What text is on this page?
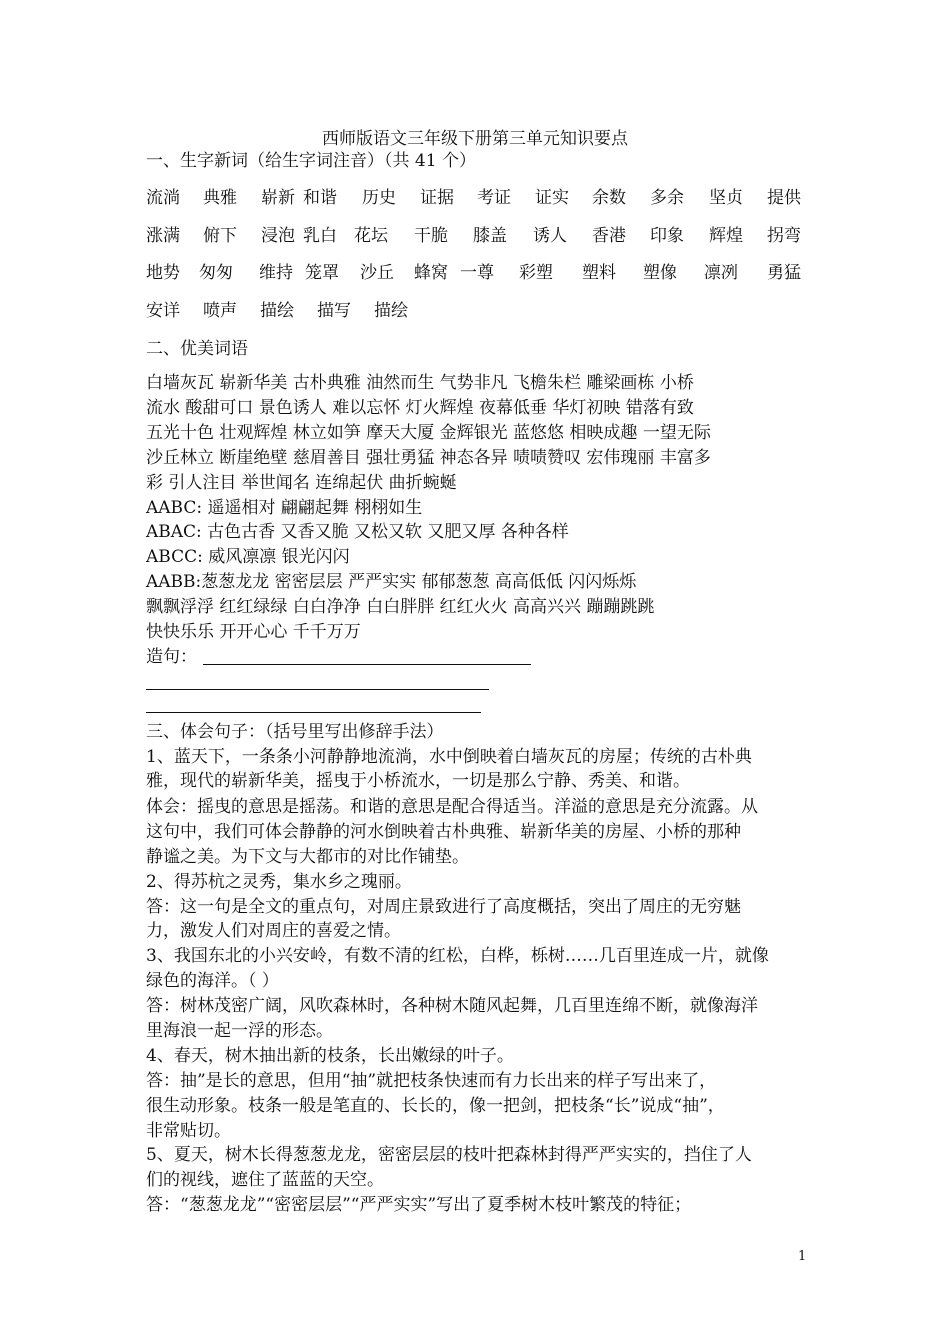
西师版语文三年级下册第三单元知识要点
一、生字新词（给生字词注音）（共 41 个）
流淌 典雅 崭新 和谐 历史 证据 考证 证实 余数 多余 坚贞 提供
涨满 俯下 浸泡 乳白 花坛 干脆 膝盖 诱人 香港 印象 辉煌 拐弯
地势 匆匆 维持 笼罩 沙丘 蜂窝 一尊 彩塑 塑料 塑像 凛冽 勇猛
安详 喷声 描绘 描写 描绘
二、优美词语
白墙灰瓦 崭新华美 古朴典雅 油然而生 气势非凡 飞檐朱栏 雕梁画栋 小桥
流水 酸甜可口 景色诱人 难以忘怀 灯火辉煌 夜幕低垂 华灯初映 错落有致
五光十色 壮观辉煌 林立如笋 摩天大厦 金辉银光 蓝悠悠 相映成趣 一望无际
沙丘林立 断崖绝壁 慈眉善目 强壮勇猛 神态各异 啧啧赞叹 宏伟瑰丽 丰富多
彩 引人注目 举世闻名 连绵起伏 曲折蜿蜒
AABC: 遥遥相对 翩翩起舞 栩栩如生
ABAC: 古色古香 又香又脆 又松又软 又肥又厚 各种各样
ABCC: 威风凛凛 银光闪闪
AABB:葱葱龙龙 密密层层 严严实实 郁郁葱葱 高高低低 闪闪烁烁
飘飘浮浮 红红绿绿 白白净净 白白胖胖 红红火火 高高兴兴 蹦蹦跳跳
快快乐乐 开开心心 千千万万
造句：
三、体会句子：（括号里写出修辞手法）
1、蓝天下，一条条小河静静地流淌，水中倒映着白墙灰瓦的房屋；传统的古朴典
雅，现代的崭新华美，摇曳于小桥流水，一切是那么宁静、秀美、和谐。
体会：摇曳的意思是摇荡。和谐的意思是配合得适当。洋溢的意思是充分流露。从
这句中，我们可体会静静的河水倒映着古朴典雅、崭新华美的房屋、小桥的那种
静谧之美。为下文与大都市的对比作铺垫。
2、得苏杭之灵秀，集水乡之瑰丽。
答：这一句是全文的重点句，对周庄景致进行了高度概括，突出了周庄的无穷魅
力，激发人们对周庄的喜爱之情。
3、我国东北的小兴安岭，有数不清的红松，白桦，栎树……几百里连成一片，就像
绿色的海洋。（ ）
答：树林茂密广阔，风吹森林时，各种树木随风起舞，几百里连绵不断，就像海洋
里海浪一起一浮的形态。
4、春天，树木抽出新的枝条，长出嫩绿的叶子。
答：抽”是长的意思，但用“抽”就把枝条快速而有力长出来的样子写出来了，
很生动形象。枝条一般是笔直的、长长的，像一把剑，把枝条“长”说成“抽”，
非常贴切。
5、夏天，树木长得葱葱龙龙，密密层层的枝叶把森林封得严严实实的，挡住了人
们的视线，遮住了蓝蓝的天空。
答：“葱葱龙龙”“密密层层”“严严实实”写出了夏季树木枝叶繁茂的特征；
1
